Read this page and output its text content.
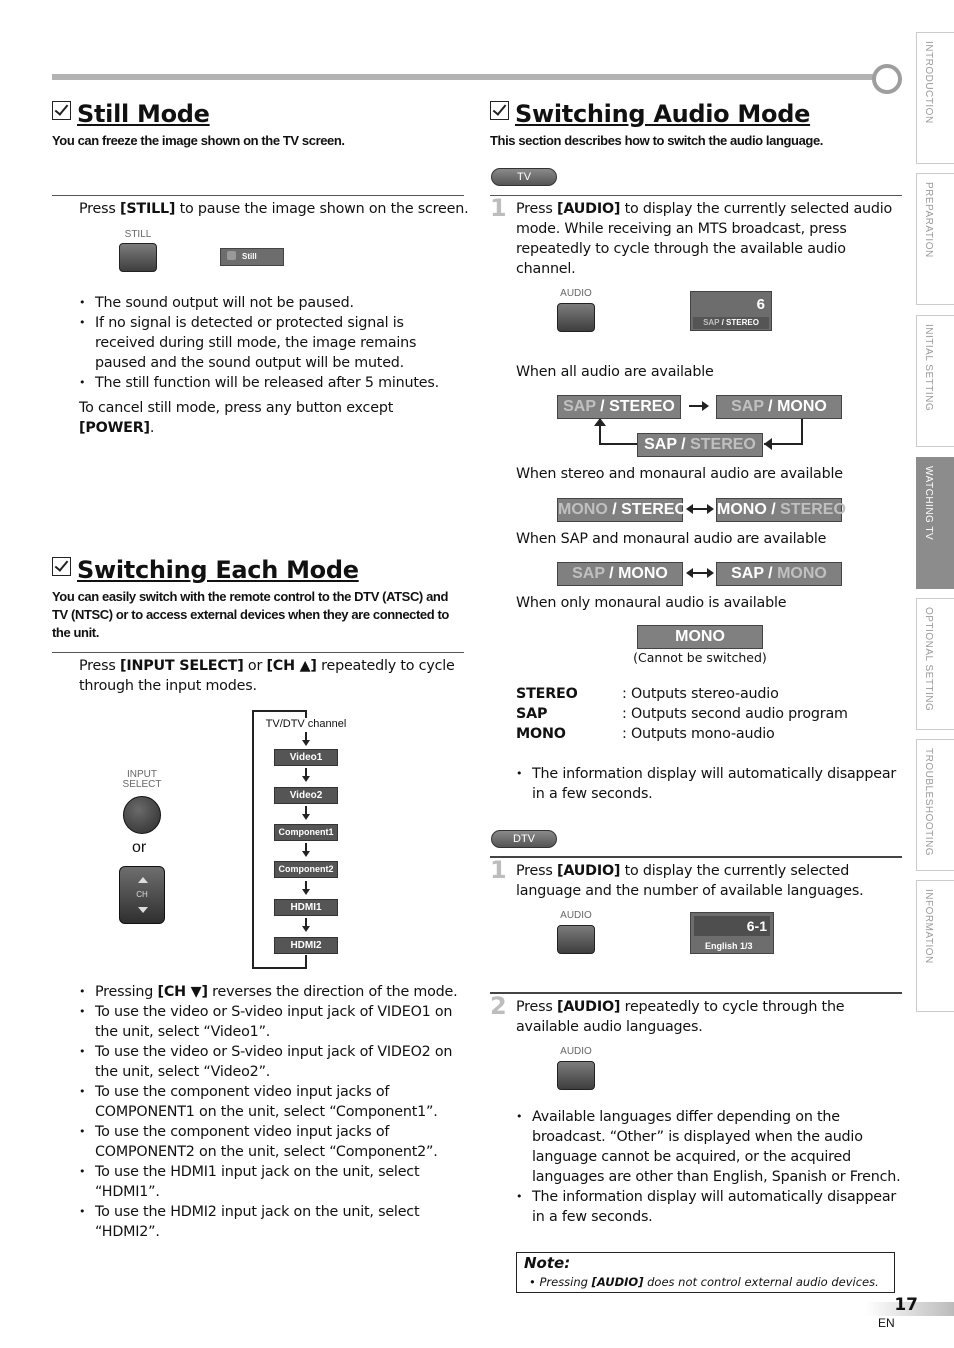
Still Mode
You can freeze the image shown on the TV screen.
Press [STILL] to pause the image shown on the screen.
STILL
Still
• The sound output will not be paused.
• If no signal is detected or protected signal is received during still mode, the image remains paused and the sound output will be muted.
• The still function will be released after 5 minutes.
To cancel still mode, press any button except [POWER].
Switching Each Mode
You can easily switch with the remote control to the DTV (ATSC) and TV (NTSC) or to access external devices when they are connected to the unit.
Press [INPUT SELECT] or [CH ▲] repeatedly to cycle through the input modes.
INPUT
SELECT
or
CH
TV/DTV channel
Video1
Video2
Component1
Component2
HDMI1
HDMI2
• Pressing [CH ▼] reverses the direction of the mode.
• To use the video or S-video input jack of VIDEO1 on the unit, select “Video1”.
• To use the video or S-video input jack of VIDEO2 on the unit, select “Video2”.
• To use the component video input jacks of COMPONENT1 on the unit, select “Component1”.
• To use the component video input jacks of COMPONENT2 on the unit, select “Component2”.
• To use the HDMI1 input jack on the unit, select “HDMI1”.
• To use the HDMI2 input jack on the unit, select “HDMI2”.
Switching Audio Mode
This section describes how to switch the audio language.
TV
1 Press [AUDIO] to display the currently selected audio mode. While receiving an MTS broadcast, press repeatedly to cycle through the available audio channel.
AUDIO
6
SAP / STEREO
When all audio are available
SAP / STEREO	SAP / MONO
SAP / STEREO
When stereo and monaural audio are available
MONO / STEREO MONO / STEREO
When SAP and monaural audio are available
SAP / MONO	SAP / MONO
When only monaural audio is available
MONO
(Cannot be switched)
STEREO	: Outputs stereo-audio
SAP	: Outputs second audio program
MONO	: Outputs mono-audio
• The information display will automatically disappear in a few seconds.
DTV
1 Press [AUDIO] to display the currently selected language and the number of available languages.
AUDIO
6-1
English 1/3
2 Press [AUDIO] repeatedly to cycle through the available audio languages.
AUDIO
• Available languages differ depending on the broadcast. “Other” is displayed when the audio language cannot be acquired, or the acquired languages are other than English, Spanish or French.
• The information display will automatically disappear in a few seconds.
Note:
• Pressing [AUDIO] does not control external audio devices.
INTRODUCTION
PREPARATION
INITIAL SETTING
WATCHING TV
OPTIONAL SETTING
TROUBLESHOOTING
INFORMATION
17
EN
